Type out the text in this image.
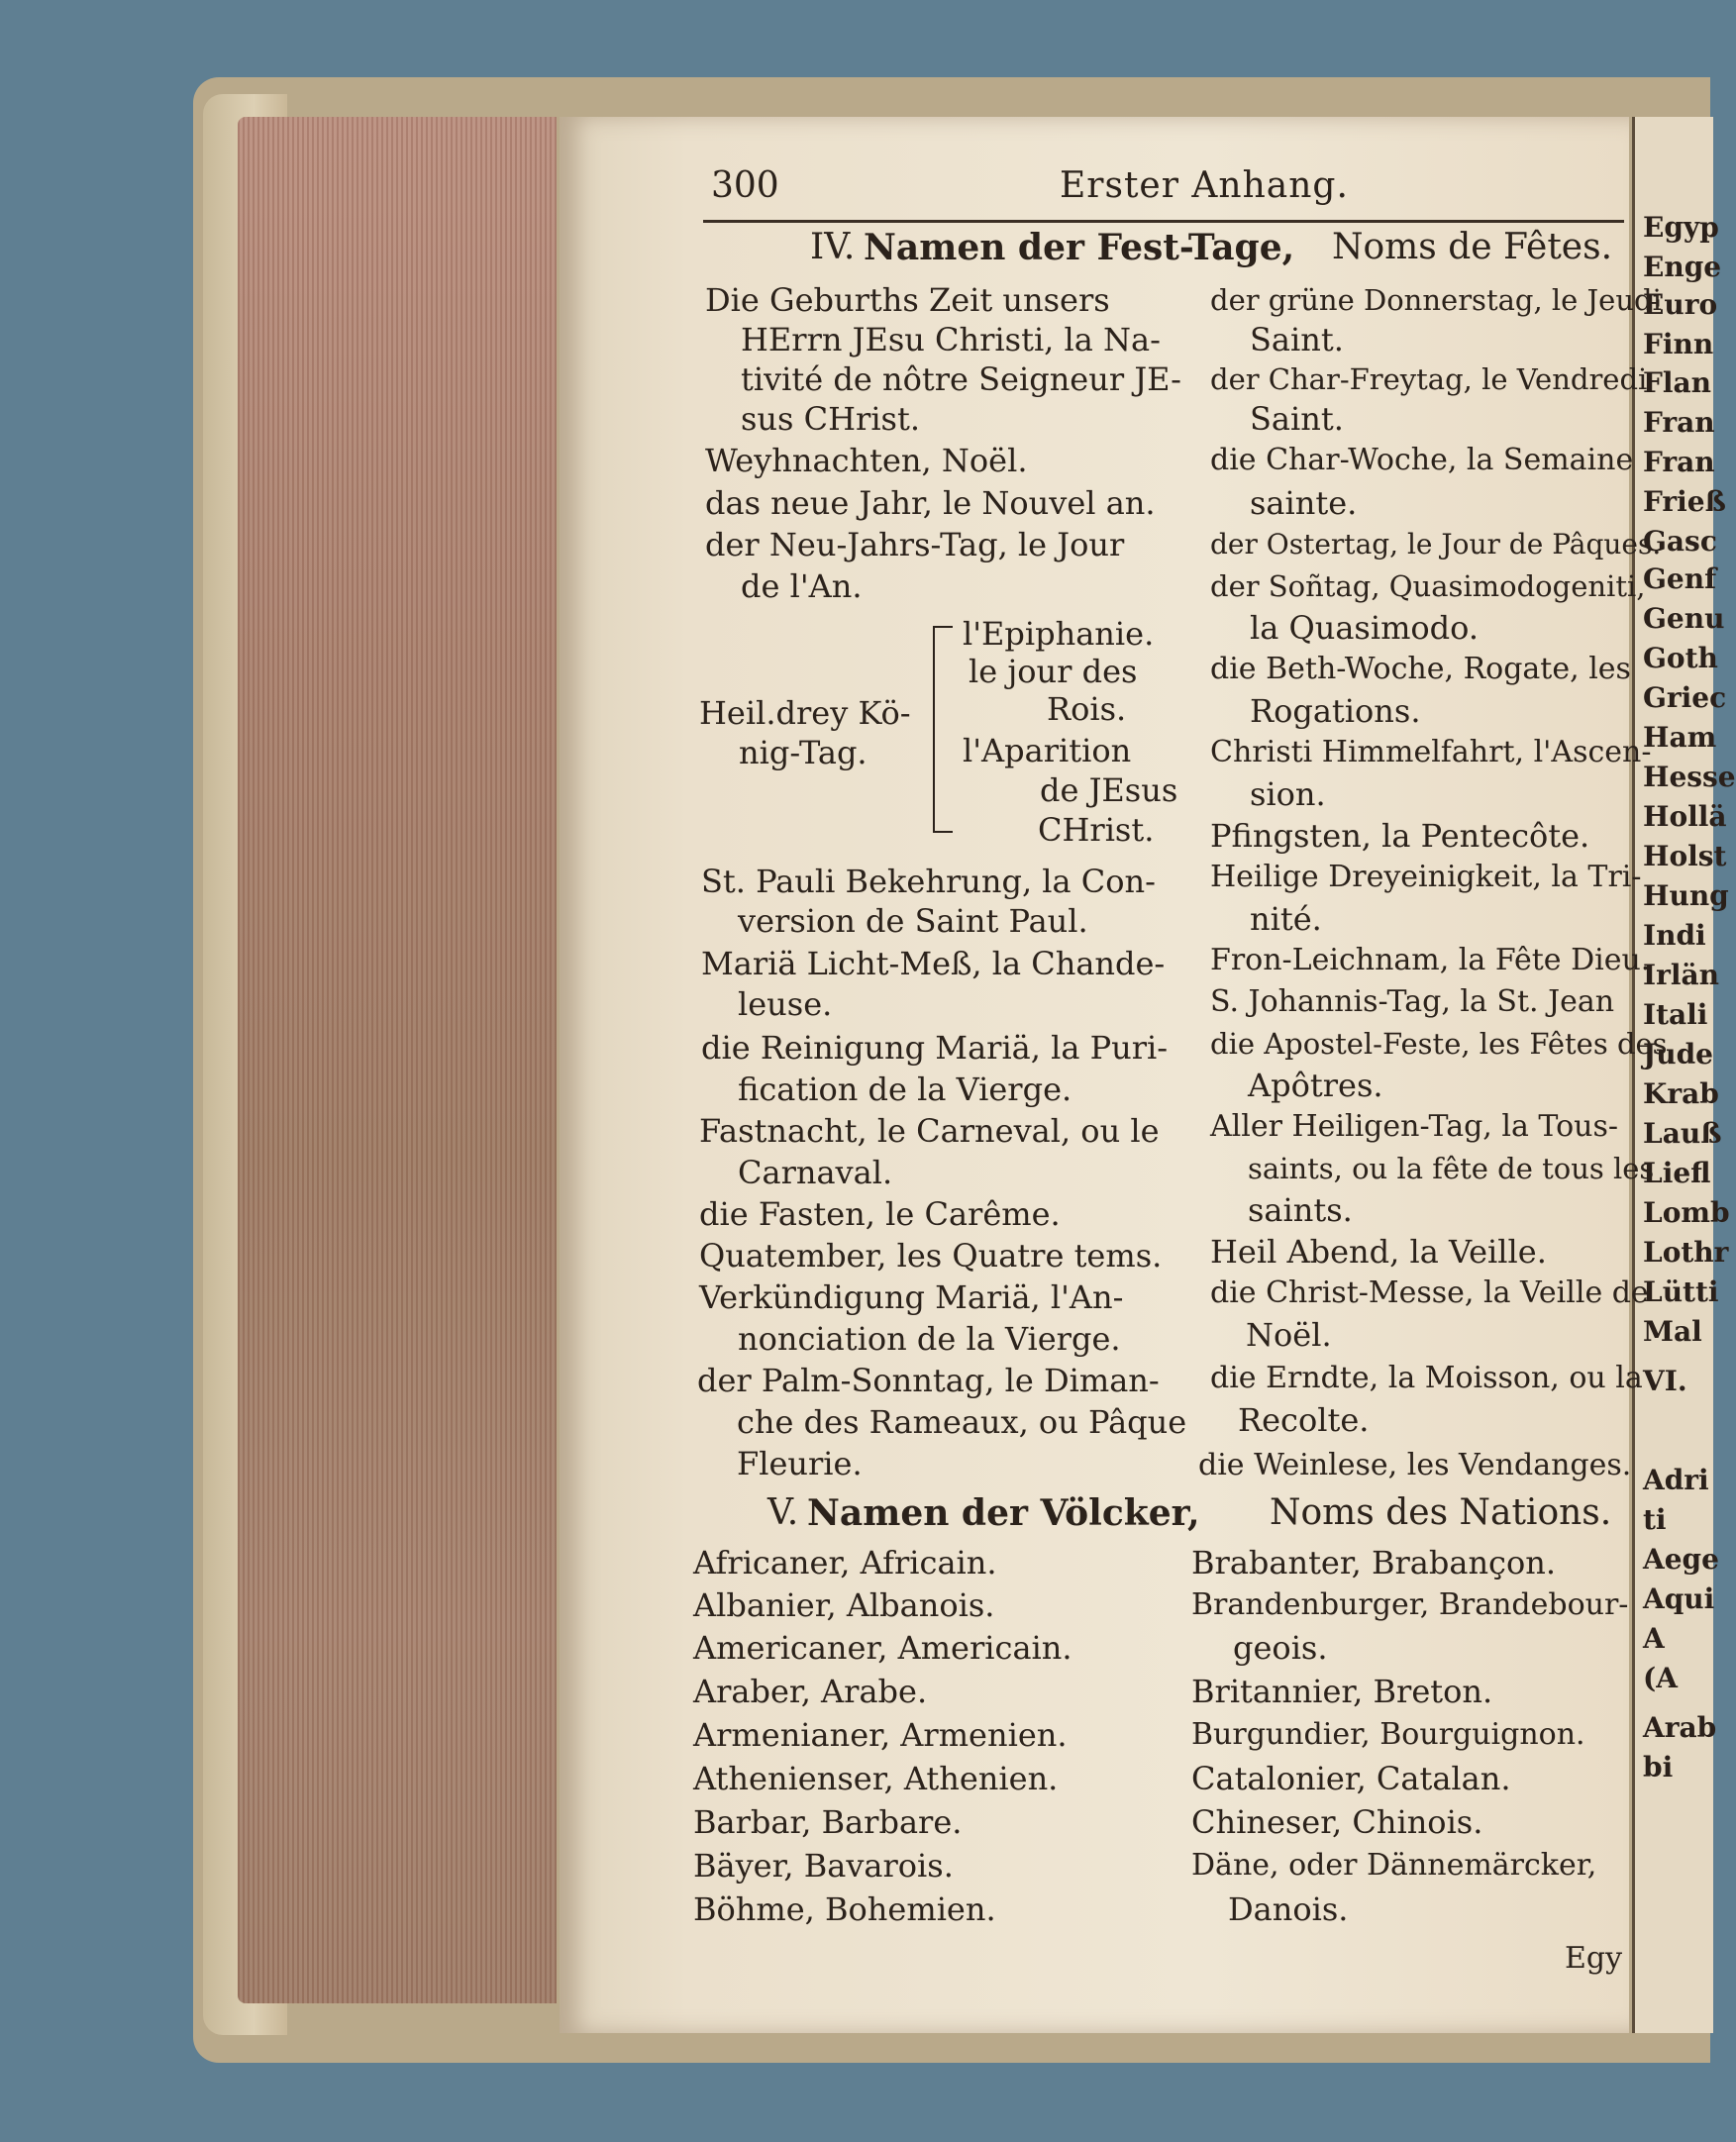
Egyp
Enge
Euro
Finn
Flan
Fran
Fran
Frieß
Gasc
Genf
Genu
Goth
Griec
Ham
Hesse
Hollä
Holst
Hung
Indi
Irlän
Itali
Jude
Krab
Lauß
Liefl
Lomb
Lothr
Lütti
Mal
VI.
Adri
ti
Aege
Aqui
A
(A
Arab
bi
300	Erster Anhang.
IV. Namen der Fest-Tage, Noms de Fêtes.
Die Geburths Zeit unsers
HErrn JEsu Christi, la Na-
tivité de nôtre Seigneur JE-
sus CHrist.
Weyhnachten, Noël.
das neue Jahr, le Nouvel an.
der Neu-Jahrs-Tag, le Jour
de l'An.
Heil.drey Kö-
nig-Tag.
l'Epiphanie.
le jour des
Rois.
l'Aparition
de JEsus
CHrist.
St. Pauli Bekehrung, la Con-
version de Saint Paul.
Mariä Licht-Meß, la Chande-
leuse.
die Reinigung Mariä, la Puri-
fication de la Vierge.
Fastnacht, le Carneval, ou le
Carnaval.
die Fasten, le Carême.
Quatember, les Quatre tems.
Verkündigung Mariä, l'An-
nonciation de la Vierge.
der Palm-Sonntag, le Diman-
che des Rameaux, ou Pâque
Fleurie.
der grüne Donnerstag, le Jeudi
Saint.
der Char-Freytag, le Vendredi
Saint.
die Char-Woche, la Semaine
sainte.
der Ostertag, le Jour de Pâques.
der Soñtag, Quasimodogeniti,
la Quasimodo.
die Beth-Woche, Rogate, les
Rogations.
Christi Himmelfahrt, l'Ascen-
sion.
Pfingsten, la Pentecôte.
Heilige Dreyeinigkeit, la Tri-
nité.
Fron-Leichnam, la Fête Dieu.
S. Johannis-Tag, la St. Jean
die Apostel-Feste, les Fêtes des
Apôtres.
Aller Heiligen-Tag, la Tous-
saints, ou la fête de tous les
saints.
Heil Abend, la Veille.
die Christ-Messe, la Veille de
Noël.
die Erndte, la Moisson, ou la
Recolte.
die Weinlese, les Vendanges.
V. Namen der Völcker, Noms des Nations.
Africaner, Africain.
Albanier, Albanois.
Americaner, Americain.
Araber, Arabe.
Armenianer, Armenien.
Athenienser, Athenien.
Barbar, Barbare.
Bäyer, Bavarois.
Böhme, Bohemien.
Brabanter, Brabançon.
Brandenburger, Brandebour-
geois.
Britannier, Breton.
Burgundier, Bourguignon.
Catalonier, Catalan.
Chineser, Chinois.
Däne, oder Dännemärcker,
Danois.
Egy
